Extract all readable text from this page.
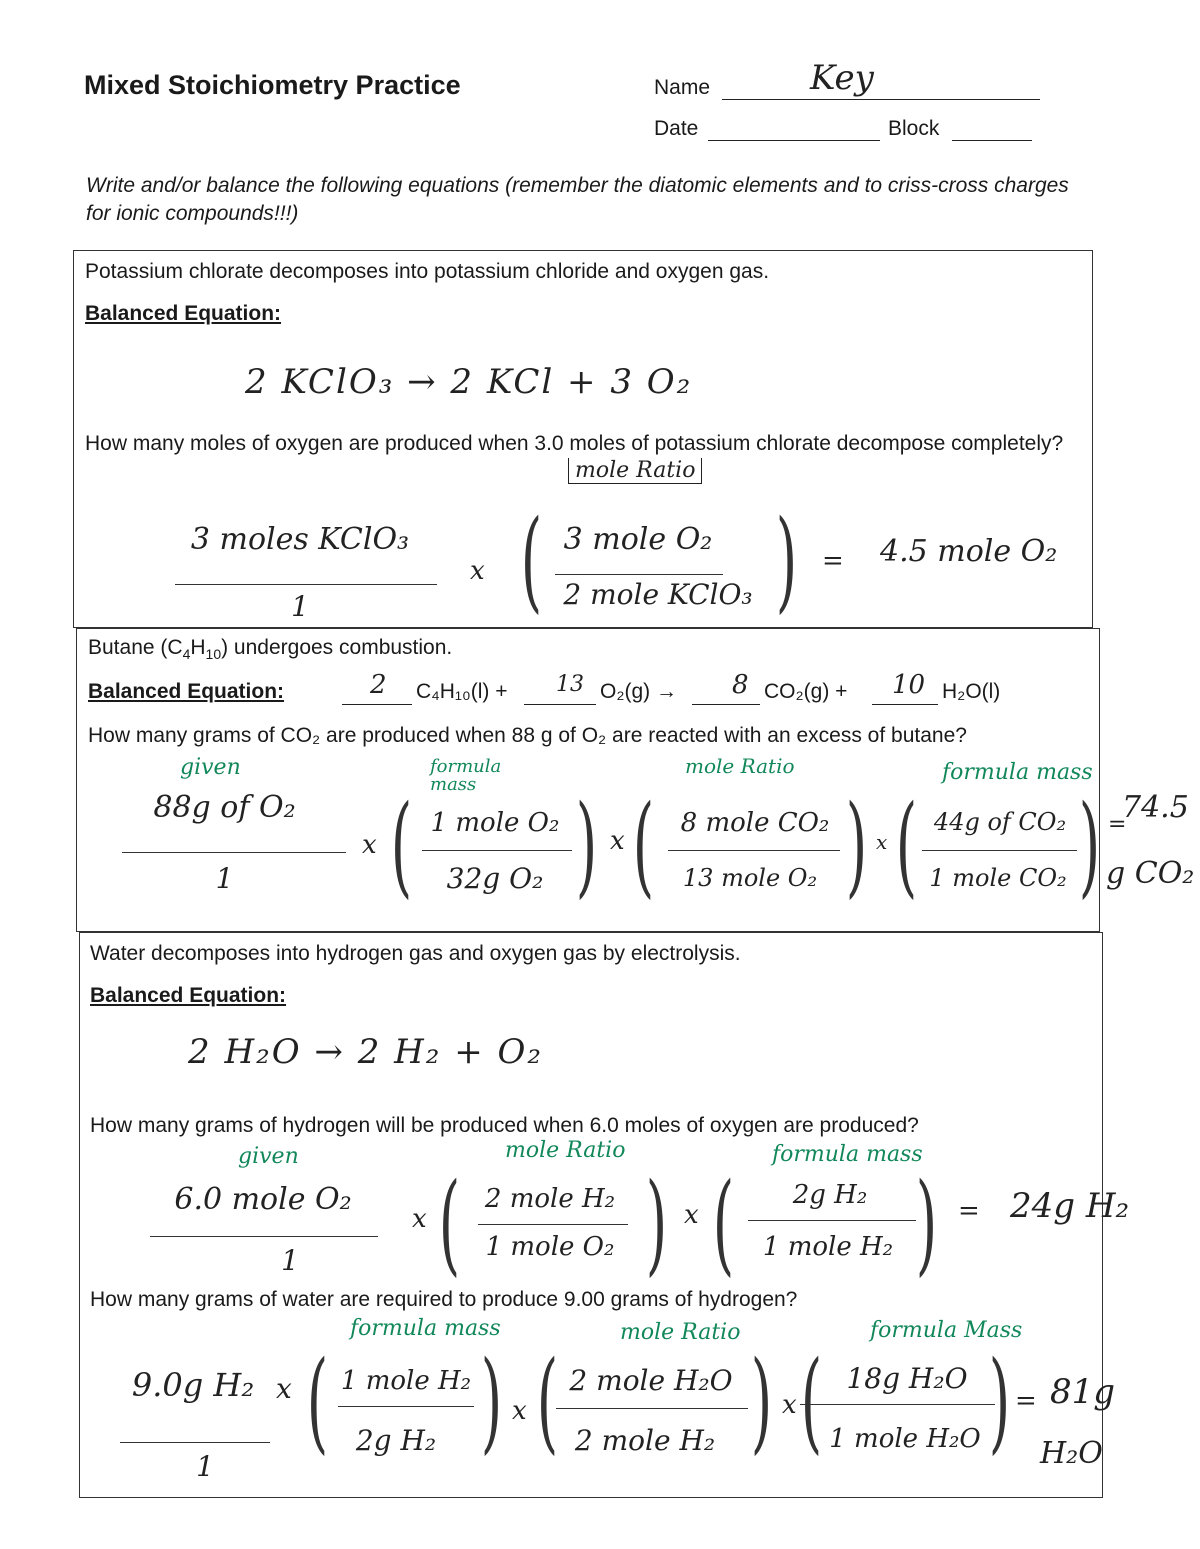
Mixed Stoichiometry Practice	Name	Key
Date	Block
Write and/or balance the following equations (remember the diatomic elements and to criss-cross charges for ionic compounds!!!)
Potassium chlorate decomposes into potassium chloride and oxygen gas.
Balanced Equation:
2 KClO₃ → 2 KCl + 3 O₂
How many moles of oxygen are produced when 3.0 moles of potassium chlorate decompose completely?
mole Ratio
3 moles KClO₃
1
x ( 3 mole O₂
2 mole KClO₃ ) = 4.5 mole O₂
Butane $(C_4H_{10})$ undergoes combustion.
Balanced Equation:	2 C₄H₁₀(l) + 13 O₂(g) → 8 CO₂(g) + 10 H₂O(l)
How many grams of CO₂ are produced when 88 g of O₂ are reacted with an excess of butane?
given	formula mass
mole Ratio	formula mass
88g of O₂
1
x ( 1 mole O₂
32g O₂ ) x (	8 mole CO₂
13 mole O₂ ) x ( 44g of CO₂
1 mole CO₂ ) 74.5
=
g CO₂
Water decomposes into hydrogen gas and oxygen gas by electrolysis.
Balanced Equation:
2 H₂O → 2 H₂ + O₂
How many grams of hydrogen will be produced when 6.0 moles of oxygen are produced?
given	mole Ratio	formula mass
6.0 mole O₂
1
x ( 2 mole H₂
1 mole O₂ ) x (	2g H₂
1 mole H₂ ) = 24g H₂
How many grams of water are required to produce 9.00 grams of hydrogen?
formula mass	mole Ratio	formula Mass
9.0g H₂ x
1
( 1 mole H₂
2g H₂ ) x ( 2 mole H₂O
2 mole H₂ ) x ( 18g H₂O
1 mole H₂O ) = 81g
H₂O
